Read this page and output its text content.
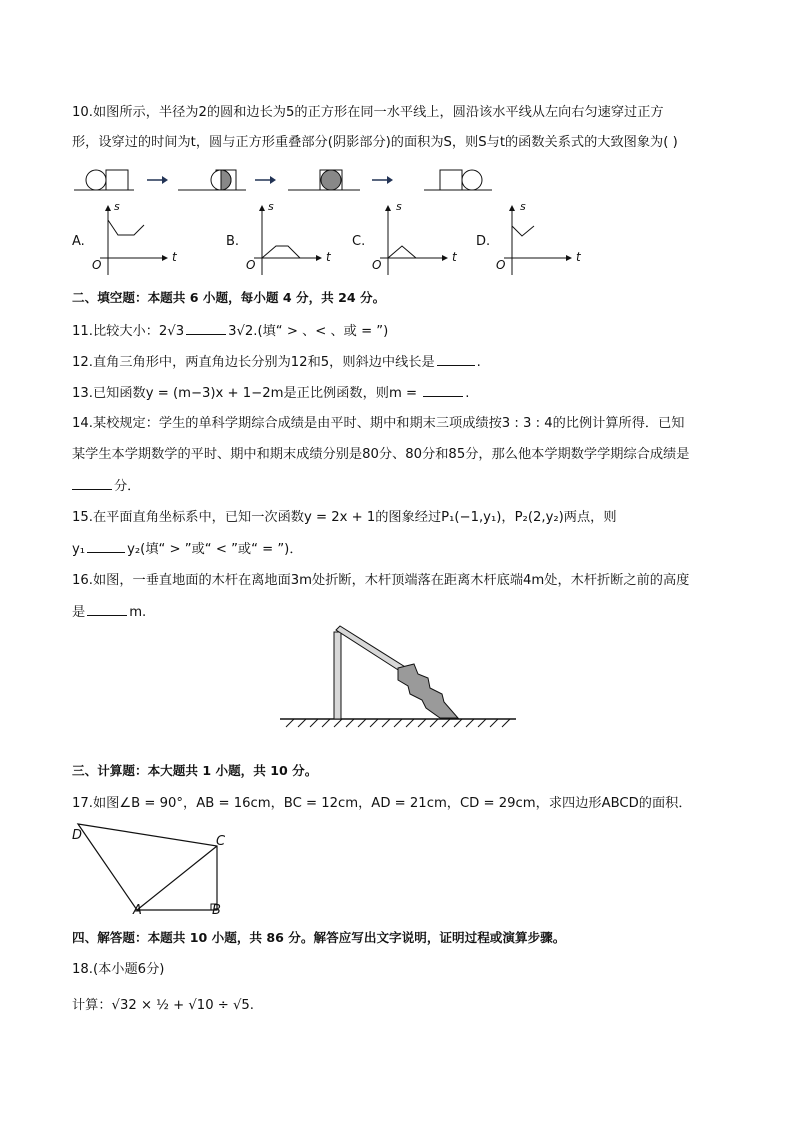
10.如图所示，半径为2的圆和边长为5的正方形在同一水平线上，圆沿该水平线从左向右匀速穿过正方
形，设穿过的时间为t，圆与正方形重叠部分(阴影部分)的面积为S，则S与t的函数关系式的大致图象为( )
A.
s
t
O
B.
s
t
O
C.
s
t
O
D.
s
t
O
二、填空题：本题共 6 小题，每小题 4 分，共 24 分。
11.比较大小：2√3	3√2.(填“ > 、< 、或 = ”)
12.直角三角形中，两直角边长分别为12和5，则斜边中线长是	.
13.已知函数y = (m−3)x + 1−2m是正比例函数，则m =	.
14.某校规定：学生的单科学期综合成绩是由平时、期中和期末三项成绩按3 : 3 : 4的比例计算所得．已知
某学生本学期数学的平时、期中和期末成绩分别是80分、80分和85分，那么他本学期数学学期综合成绩是
分．
15.在平面直角坐标系中，已知一次函数y = 2x + 1的图象经过P₁(−1,y₁)，P₂(2,y₂)两点，则
y₁	y₂(填“ > ”或“ < ”或“ = ”)．
16.如图，一垂直地面的木杆在离地面3m处折断，木杆顶端落在距离木杆底端4m处，木杆折断之前的高度
是	m.
三、计算题：本大题共 1 小题，共 10 分。
17.如图∠B = 90°，AB = 16cm，BC = 12cm，AD = 21cm，CD = 29cm，求四边形ABCD的面积．
D	C
A	B
四、解答题：本题共 10 小题，共 86 分。解答应写出文字说明，证明过程或演算步骤。
18.(本小题6分)
计算：√32 × ½ + √10 ÷ √5.
